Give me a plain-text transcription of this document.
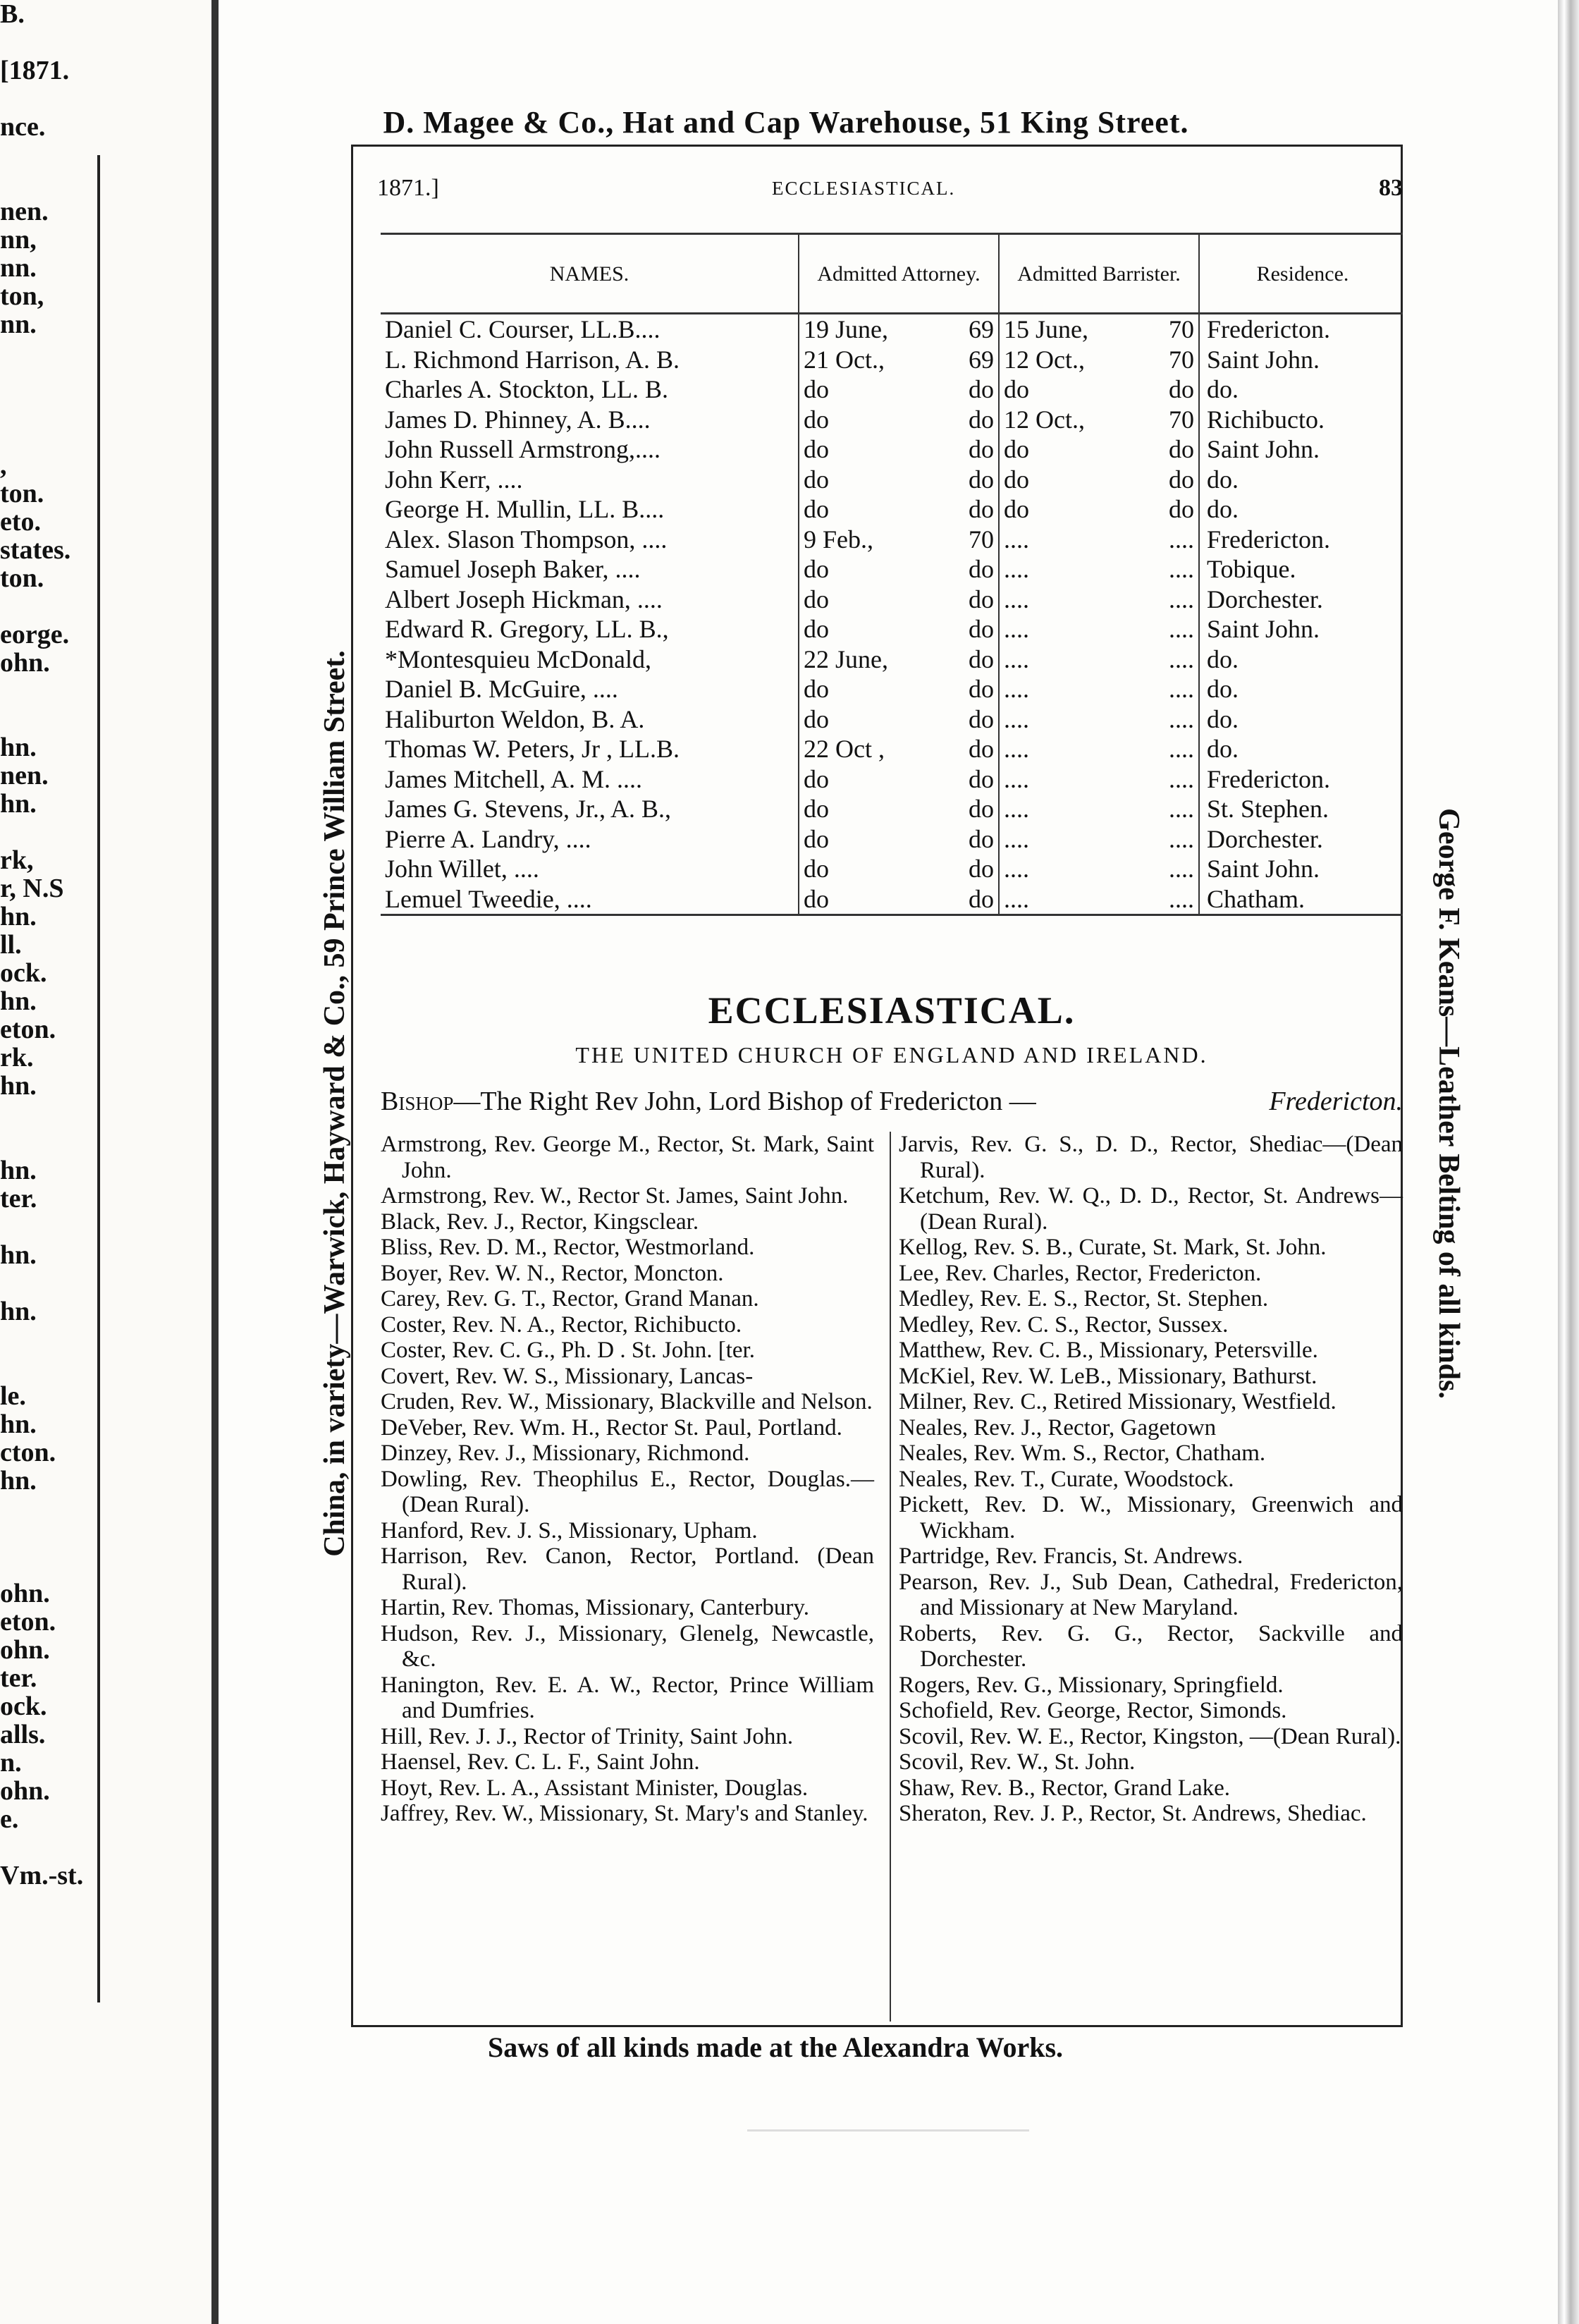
B.
[1871.
nce.
nen.
nn,
nn.
ton,
nn.
,
ton.
eto.
states.
ton.
eorge.
ohn.
hn.
nen.
hn.
rk,
r, N.S
hn.
ll.
ock.
hn.
eton.
rk.
hn.
hn.
ter.
hn.
hn.
le.
hn.
cton.
hn.
ohn.
eton.
ohn.
ter.
ock.
alls.
n.
ohn.
e.
Vm.-st.
D. Magee & Co., Hat and Cap Warehouse, 51 King Street.
China, in variety—Warwick, Hayward & Co., 59 Prince William Street.	George F. Keans—Leather Belting of all kinds.
1871.]	ECCLESIASTICAL.	83
NAMES.	Admitted Attorney.	Admitted Barrister.	Residence.
Daniel C. Courser, LL.B....	19 June, 69	15 June, 70	Fredericton.
L. Richmond Harrison, A. B.	21 Oct., 69	12 Oct., 70	Saint John.
Charles A. Stockton, LL. B.	do do	do do	do.
James D. Phinney, A. B....	do do	12 Oct., 70	Richibucto.
John Russell Armstrong,....	do do	do do	Saint John.
John Kerr, ....	do do	do do	do.
George H. Mullin, LL. B....	do do	do do	do.
Alex. Slason Thompson, ....	9 Feb., 70	.... ....	Fredericton.
Samuel Joseph Baker, ....	do do	.... ....	Tobique.
Albert Joseph Hickman, ....	do do	.... ....	Dorchester.
Edward R. Gregory, LL. B.,	do do	.... ....	Saint John.
*Montesquieu McDonald,	22 June, do	.... ....	do.
Daniel B. McGuire, ....	do do	.... ....	do.
Haliburton Weldon, B. A.	do do	.... ....	do.
Thomas W. Peters, Jr , LL.B.	22 Oct , do	.... ....	do.
James Mitchell, A. M. ....	do do	.... ....	Fredericton.
James G. Stevens, Jr., A. B.,	do do	.... ....	St. Stephen.
Pierre A. Landry, ....	do do	.... ....	Dorchester.
John Willet, ....	do do	.... ....	Saint John.
Lemuel Tweedie, ....	do do	.... ....	Chatham.
ECCLESIASTICAL.
THE UNITED CHURCH OF ENGLAND AND IRELAND.
Bishop—The Right Rev John, Lord Bishop of Fredericton —	Fredericton.
Armstrong, Rev. George M., Rector, St. Mark, Saint John.
Armstrong, Rev. W., Rector St. James, Saint John.
Black, Rev. J., Rector, Kingsclear.
Bliss, Rev. D. M., Rector, Westmorland.
Boyer, Rev. W. N., Rector, Moncton.
Carey, Rev. G. T., Rector, Grand Manan.
Coster, Rev. N. A., Rector, Richibucto.
Coster, Rev. C. G., Ph. D . St. John. [ter.
Covert, Rev. W. S., Missionary, Lancas-
Cruden, Rev. W., Missionary, Blackville and Nelson.
DeVeber, Rev. Wm. H., Rector St. Paul, Portland.
Dinzey, Rev. J., Missionary, Richmond.
Dowling, Rev. Theophilus E., Rector, Douglas.—(Dean Rural).
Hanford, Rev. J. S., Missionary, Upham.
Harrison, Rev. Canon, Rector, Portland. (Dean Rural).
Hartin, Rev. Thomas, Missionary, Canterbury.
Hudson, Rev. J., Missionary, Glenelg, Newcastle, &c.
Hanington, Rev. E. A. W., Rector, Prince William and Dumfries.
Hill, Rev. J. J., Rector of Trinity, Saint John.
Haensel, Rev. C. L. F., Saint John.
Hoyt, Rev. L. A., Assistant Minister, Douglas.
Jaffrey, Rev. W., Missionary, St. Mary's and Stanley.
Jarvis, Rev. G. S., D. D., Rector, Shediac—(Dean Rural).
Ketchum, Rev. W. Q., D. D., Rector, St. Andrews—(Dean Rural).
Kellog, Rev. S. B., Curate, St. Mark, St. John.
Lee, Rev. Charles, Rector, Fredericton.
Medley, Rev. E. S., Rector, St. Stephen.
Medley, Rev. C. S., Rector, Sussex.
Matthew, Rev. C. B., Missionary, Petersville.
McKiel, Rev. W. LeB., Missionary, Bathurst.
Milner, Rev. C., Retired Missionary, Westfield.
Neales, Rev. J., Rector, Gagetown
Neales, Rev. Wm. S., Rector, Chatham.
Neales, Rev. T., Curate, Woodstock.
Pickett, Rev. D. W., Missionary, Greenwich and Wickham.
Partridge, Rev. Francis, St. Andrews.
Pearson, Rev. J., Sub Dean, Cathedral, Fredericton, and Missionary at New Maryland.
Roberts, Rev. G. G., Rector, Sackville and Dorchester.
Rogers, Rev. G., Missionary, Springfield.
Schofield, Rev. George, Rector, Simonds.
Scovil, Rev. W. E., Rector, Kingston, —(Dean Rural).
Scovil, Rev. W., St. John.
Shaw, Rev. B., Rector, Grand Lake.
Sheraton, Rev. J. P., Rector, St. Andrews, Shediac.
Saws of all kinds made at the Alexandra Works.
